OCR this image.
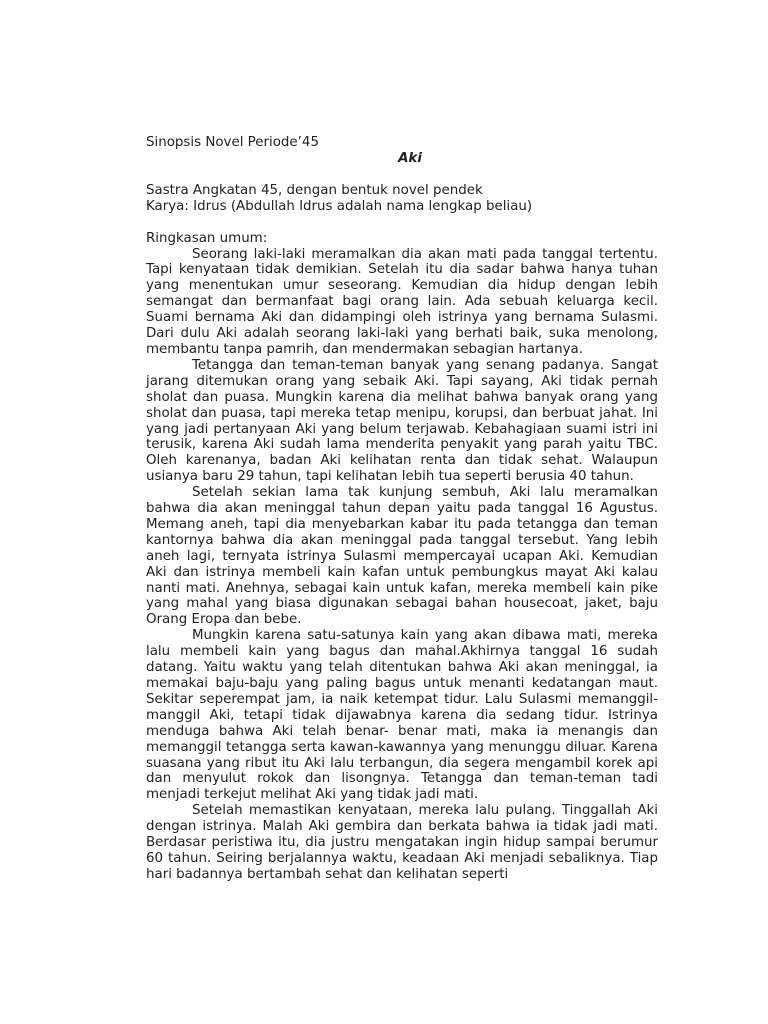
Sinopsis Novel Periode’45
Aki
Sastra Angkatan 45, dengan bentuk novel pendek
Karya: Idrus (Abdullah Idrus adalah nama lengkap beliau)
Ringkasan umum:

Seorang laki-laki meramalkan dia akan mati pada tanggal tertentu. Tapi kenyataan tidak demikian. Setelah itu dia sadar bahwa hanya tuhan yang menentukan umur seseorang. Kemudian dia hidup dengan lebih semangat dan bermanfaat bagi orang lain. Ada sebuah keluarga kecil. Suami bernama Aki dan didampingi oleh istrinya yang bernama Sulasmi. Dari dulu Aki adalah seorang laki-laki yang berhati baik, suka menolong, membantu tanpa pamrih, dan mendermakan sebagian hartanya.

Tetangga dan teman-teman banyak yang senang padanya. Sangat jarang ditemukan orang yang sebaik Aki. Tapi sayang, Aki tidak pernah sholat dan puasa. Mungkin karena dia melihat bahwa banyak orang yang sholat dan puasa, tapi mereka tetap menipu, korupsi, dan berbuat jahat. Ini yang jadi pertanyaan Aki yang belum terjawab. Kebahagiaan suami istri ini terusik, karena Aki sudah lama menderita penyakit yang parah yaitu TBC. Oleh karenanya, badan Aki kelihatan renta dan tidak sehat. Walaupun usianya baru 29 tahun, tapi kelihatan lebih tua seperti berusia 40 tahun.

Setelah sekian lama tak kunjung sembuh, Aki lalu meramalkan bahwa dia akan meninggal tahun depan yaitu pada tanggal 16 Agustus. Memang aneh, tapi dia menyebarkan kabar itu pada tetangga dan teman kantornya bahwa dia akan meninggal pada tanggal tersebut. Yang lebih aneh lagi, ternyata istrinya Sulasmi mempercayai ucapan Aki. Kemudian Aki dan istrinya membeli kain kafan untuk pembungkus mayat Aki kalau nanti mati. Anehnya, sebagai kain untuk kafan, mereka membeli kain pike yang mahal yang biasa digunakan sebagai bahan housecoat, jaket, baju Orang Eropa dan bebe.

Mungkin karena satu-satunya kain yang akan dibawa mati, mereka lalu membeli kain yang bagus dan mahal.Akhirnya tanggal 16 sudah datang. Yaitu waktu yang telah ditentukan bahwa Aki akan meninggal, ia memakai baju-baju yang paling bagus untuk menanti kedatangan maut. Sekitar seperempat jam, ia naik ketempat tidur. Lalu Sulasmi memanggil-manggil Aki, tetapi tidak dijawabnya karena dia sedang tidur. Istrinya menduga bahwa Aki telah benar- benar mati, maka ia menangis dan memanggil tetangga serta kawan-kawannya yang menunggu diluar. Karena suasana yang ribut itu Aki lalu terbangun, dia segera mengambil korek api dan menyulut rokok dan lisongnya. Tetangga dan teman-teman tadi menjadi terkejut melihat Aki yang tidak jadi mati.

Setelah memastikan kenyataan, mereka lalu pulang. Tinggallah Aki dengan istrinya. Malah Aki gembira dan berkata bahwa ia tidak jadi mati. Berdasar peristiwa itu, dia justru mengatakan ingin hidup sampai berumur 60 tahun. Seiring berjalannya waktu, keadaan Aki menjadi sebaliknya. Tiap hari badannya bertambah sehat dan kelihatan seperti
